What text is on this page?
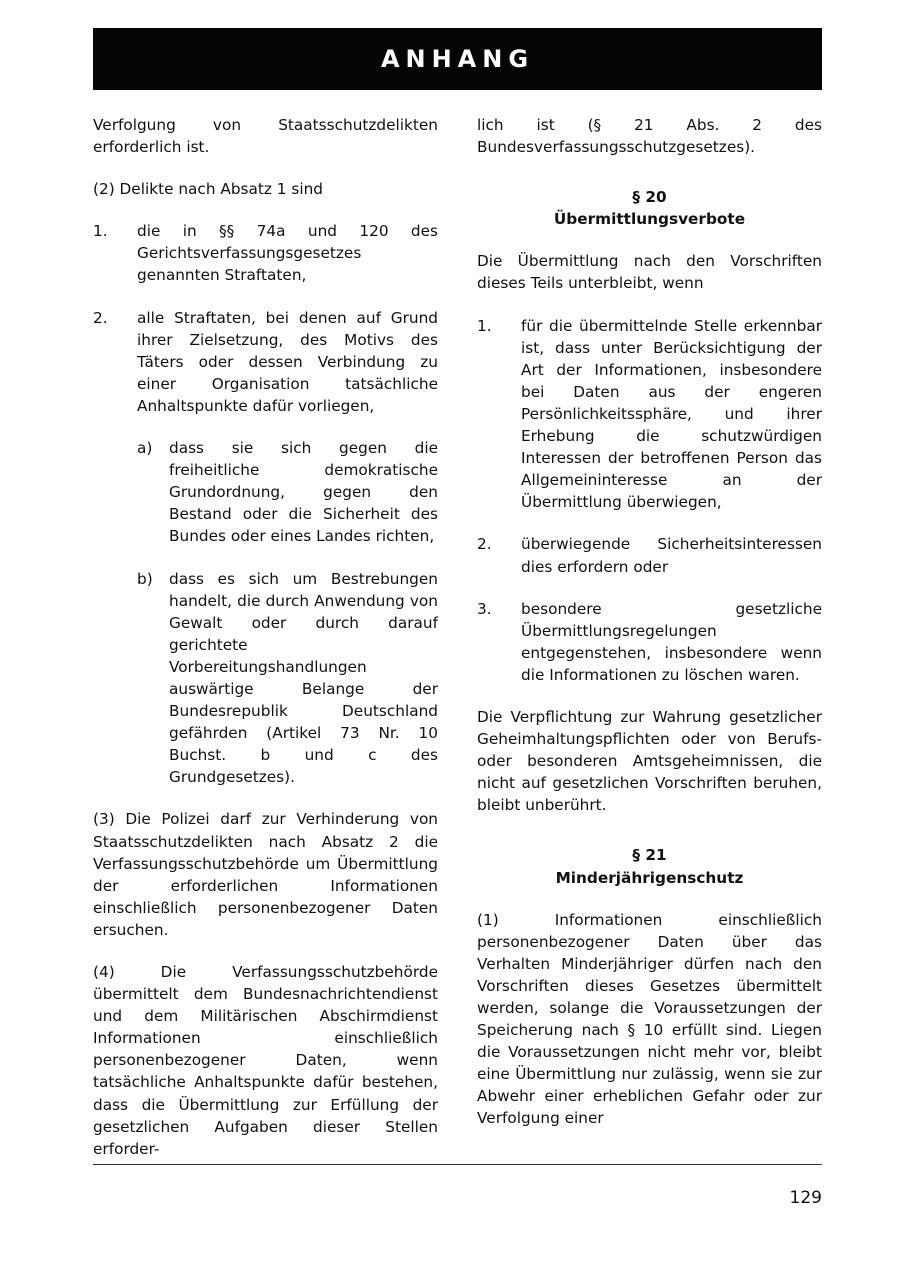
ANHANG

Verfolgung von Staatsschutzdelikten erforderlich ist.

(2) Delikte nach Absatz 1 sind

1.	die in §§ 74a und 120 des Gerichtsverfassungsgesetzes genannten Straftaten,
2.	alle Straftaten, bei denen auf Grund ihrer Zielsetzung, des Motivs des Täters oder dessen Verbindung zu einer Organisation tatsächliche Anhaltspunkte dafür vorliegen,
a)	dass sie sich gegen die freiheitliche demokratische Grundordnung, gegen den Bestand oder die Sicherheit des Bundes oder eines Landes richten,
b)	dass es sich um Bestrebungen handelt, die durch Anwendung von Gewalt oder durch darauf gerichtete Vorbereitungshandlungen auswärtige Belange der Bundesrepublik Deutschland gefährden (Artikel 73 Nr. 10 Buchst. b und c des Grundgesetzes).

(3) Die Polizei darf zur Verhinderung von Staatsschutzdelikten nach Absatz 2 die Verfassungsschutzbehörde um Übermittlung der erforderlichen Informationen einschließlich personenbezogener Daten ersuchen.

(4) Die Verfassungsschutzbehörde übermittelt dem Bundesnachrichtendienst und dem Militärischen Abschirmdienst Informationen einschließlich personenbezogener Daten, wenn tatsächliche Anhaltspunkte dafür bestehen, dass die Übermittlung zur Erfüllung der gesetzlichen Aufgaben dieser Stellen erforder-

lich ist (§ 21 Abs. 2 des Bundesverfassungsschutzgesetzes).

§ 20
Übermittlungsverbote

Die Übermittlung nach den Vorschriften dieses Teils unterbleibt, wenn

1.	für die übermittelnde Stelle erkennbar ist, dass unter Berücksichtigung der Art der Informationen, insbesondere bei Daten aus der engeren Persönlichkeitssphäre, und ihrer Erhebung die schutzwürdigen Interessen der betroffenen Person das Allgemeininteresse an der Übermittlung überwiegen,
2.	überwiegende Sicherheitsinteressen dies erfordern oder
3.	besondere gesetzliche Übermittlungsregelungen entgegenstehen, insbesondere wenn die Informationen zu löschen waren.

Die Verpflichtung zur Wahrung gesetzlicher Geheimhaltungspflichten oder von Berufs- oder besonderen Amtsgeheimnissen, die nicht auf gesetzlichen Vorschriften beruhen, bleibt unberührt.

§ 21
Minderjährigenschutz

(1) Informationen einschließlich personenbezogener Daten über das Verhalten Minderjähriger dürfen nach den Vorschriften dieses Gesetzes übermittelt werden, solange die Voraussetzungen der Speicherung nach § 10 erfüllt sind. Liegen die Voraussetzungen nicht mehr vor, bleibt eine Übermittlung nur zulässig, wenn sie zur Abwehr einer erheblichen Gefahr oder zur Verfolgung einer

129
